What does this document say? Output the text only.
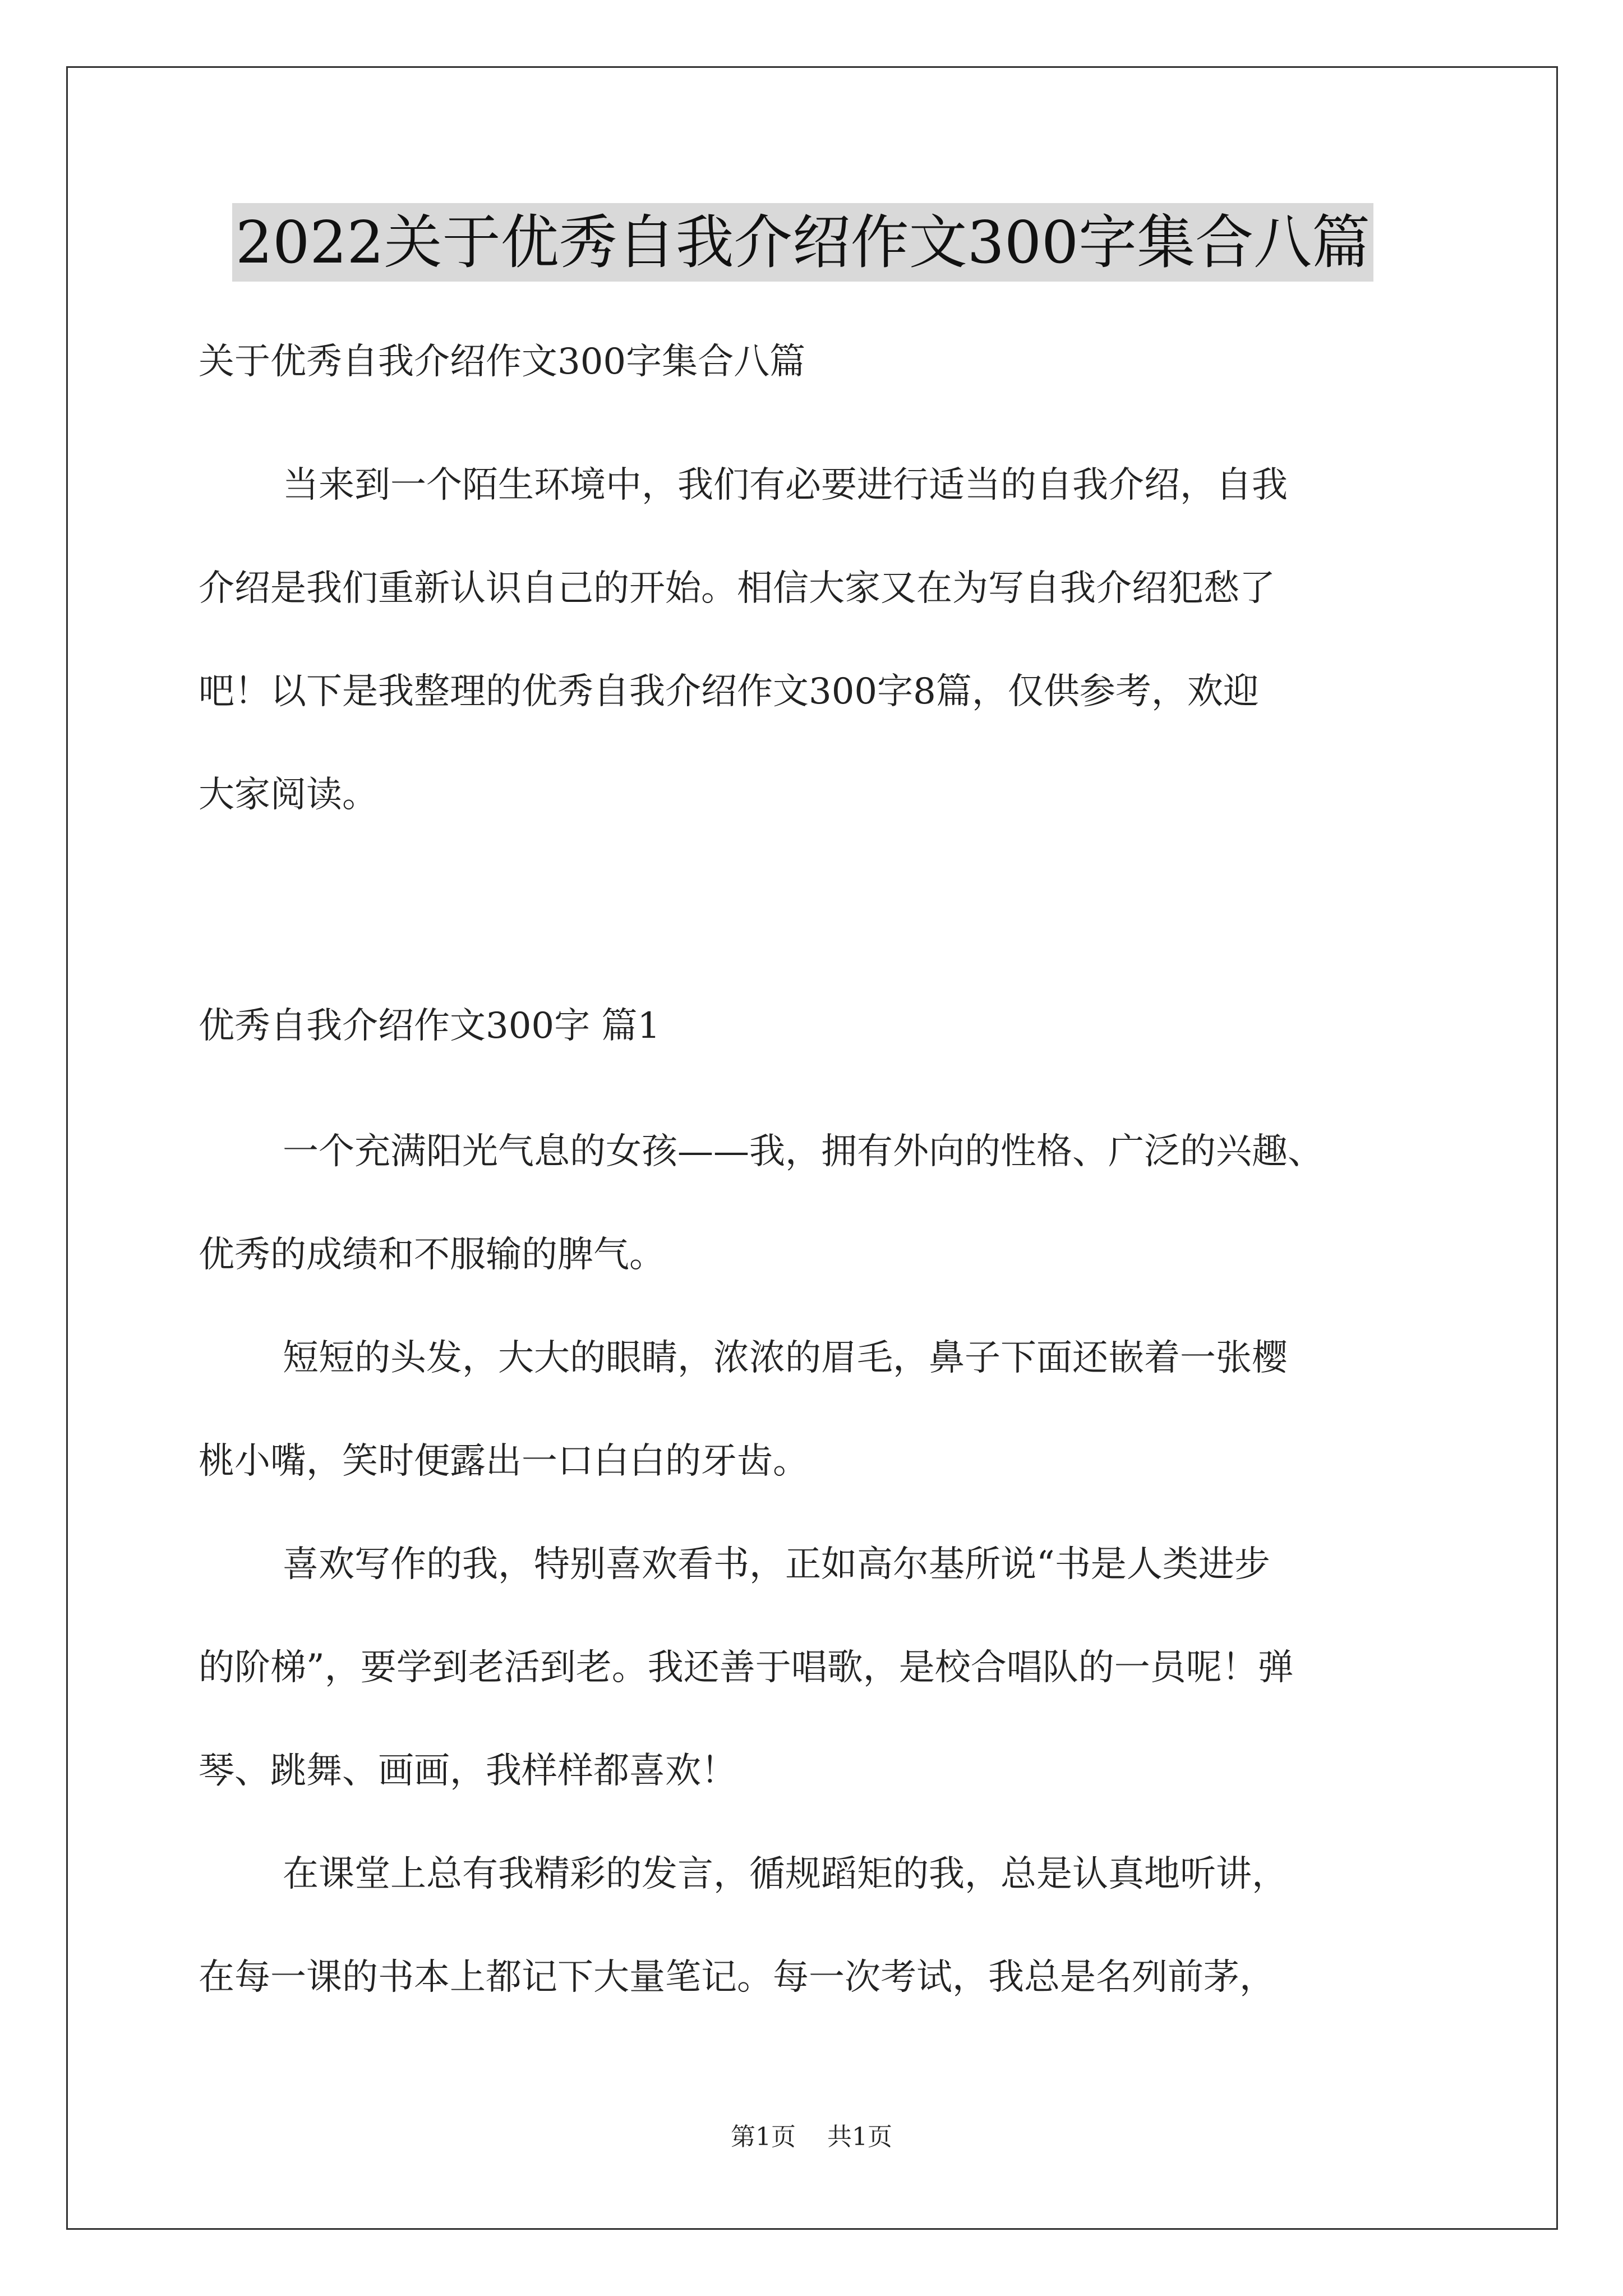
2022关于优秀自我介绍作文300字集合八篇
关于优秀自我介绍作文300字集合八篇
当来到一个陌生环境中，我们有必要进行适当的自我介绍，自我
介绍是我们重新认识自己的开始。相信大家又在为写自我介绍犯愁了
吧！以下是我整理的优秀自我介绍作文300字8篇，仅供参考，欢迎
大家阅读。
优秀自我介绍作文300字 篇1
一个充满阳光气息的女孩——我，拥有外向的性格、广泛的兴趣、
优秀的成绩和不服输的脾气。
短短的头发，大大的眼睛，浓浓的眉毛，鼻子下面还嵌着一张樱
桃小嘴，笑时便露出一口白白的牙齿。
喜欢写作的我，特别喜欢看书，正如高尔基所说“书是人类进步
的阶梯”，要学到老活到老。我还善于唱歌，是校合唱队的一员呢！弹
琴、跳舞、画画，我样样都喜欢！
在课堂上总有我精彩的发言，循规蹈矩的我，总是认真地听讲，
在每一课的书本上都记下大量笔记。每一次考试，我总是名列前茅，
第1页 共1页
